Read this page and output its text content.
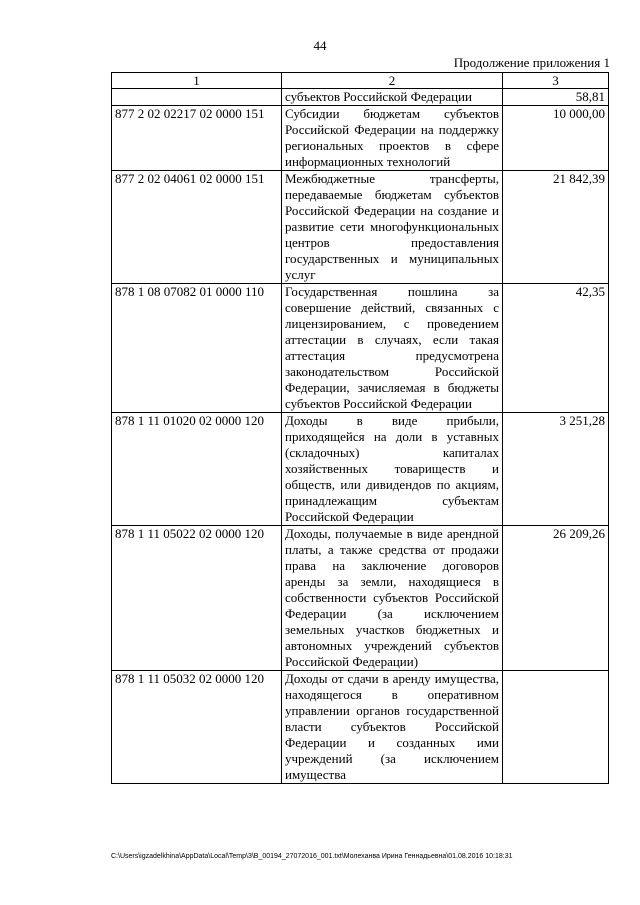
44
Продолжение приложения 1
1	2	3
	субъектов Российской Федерации	58,81
877 2 02 02217 02 0000 151	Субсидии бюджетам субъектов Российской Федерации на поддержку региональных проектов в сфере информационных технологий	10 000,00
877 2 02 04061 02 0000 151	Межбюджетные трансферты, передаваемые бюджетам субъектов Российской Федерации на создание и развитие сети многофункциональных центров предоставления государственных и муниципальных услуг	21 842,39
878 1 08 07082 01 0000 110	Государственная пошлина за совершение действий, связанных с лицензированием, с проведением аттестации в случаях, если такая аттестация предусмотрена законодательством Российской Федерации, зачисляемая в бюджеты субъектов Российской Федерации	42,35
878 1 11 01020 02 0000 120	Доходы в виде прибыли, приходящейся на доли в уставных (складочных) капиталах хозяйственных товариществ и обществ, или дивидендов по акциям, принадлежащим субъектам Российской Федерации	3 251,28
878 1 11 05022 02 0000 120	Доходы, получаемые в виде арендной платы, а также средства от продажи права на заключение договоров аренды за земли, находящиеся в собственности субъектов Российской Федерации (за исключением земельных участков бюджетных и автономных учреждений субъектов Российской Федерации)	26 209,26
878 1 11 05032 02 0000 120	Доходы от сдачи в аренду имущества, находящегося в оперативном управлении органов государственной власти субъектов Российской Федерации и созданных ими учреждений (за исключением имущества	
C:\Users\igzadelkhina\AppData\Local\Temp\3\B_00194_27072016_001.txt\Молеханва Ирина Геннадьевна\01.08.2016 10:18:31
